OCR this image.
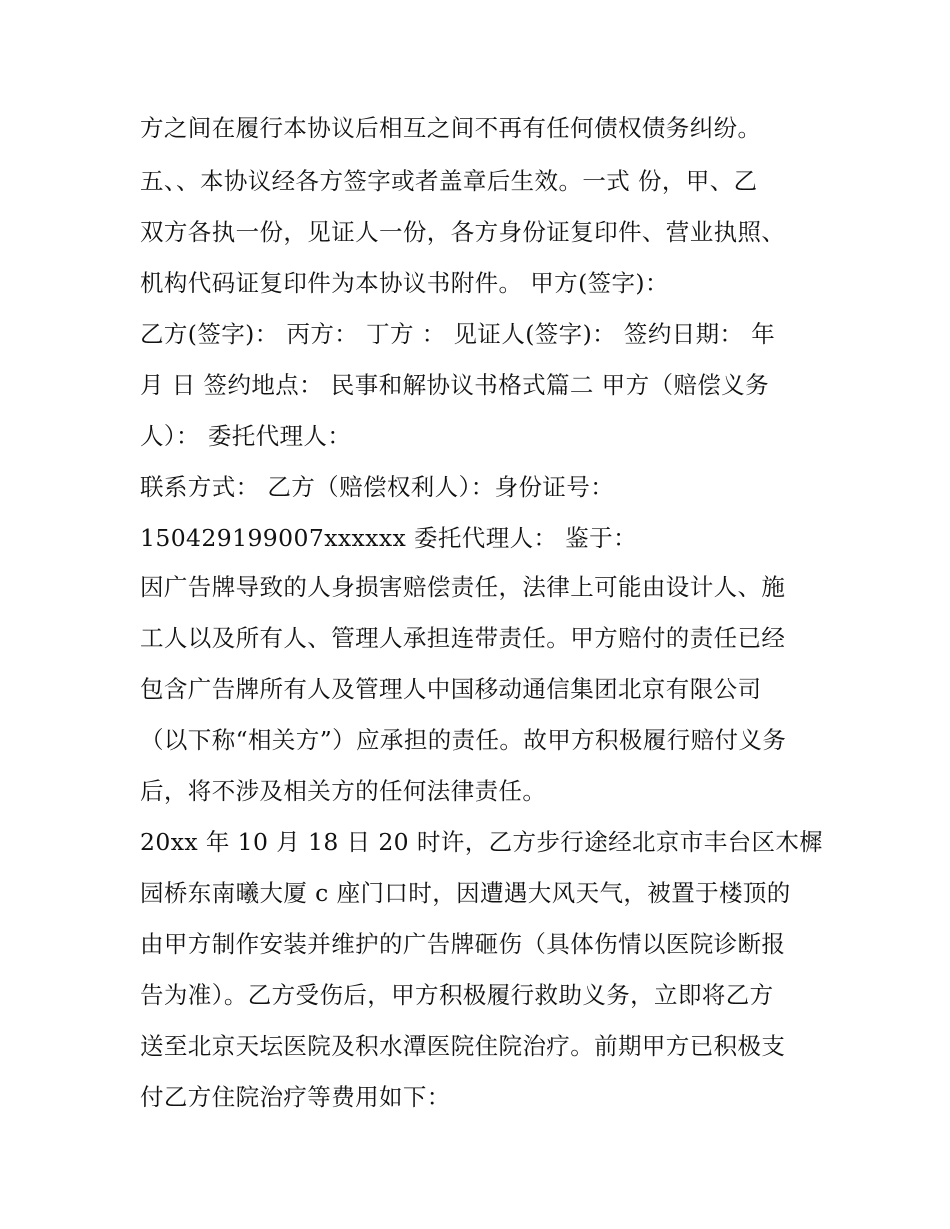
方之间在履行本协议后相互之间不再有任何债权债务纠纷。
五、、本协议经各方签字或者盖章后生效。一式 份，甲、乙
双方各执一份，见证人一份，各方身份证复印件、营业执照、
机构代码证复印件为本协议书附件。 甲方(签字)：
乙方(签字)： 丙方： 丁方 ： 见证人(签字)： 签约日期： 年
月 日 签约地点： 民事和解协议书格式篇二 甲方（赔偿义务
人）： 委托代理人：
联系方式： 乙方（赔偿权利人）：身份证号：
150429199007xxxxxx 委托代理人： 鉴于：
因广告牌导致的人身损害赔偿责任，法律上可能由设计人、施
工人以及所有人、管理人承担连带责任。甲方赔付的责任已经
包含广告牌所有人及管理人中国移动通信集团北京有限公司
（以下称“相关方”）应承担的责任。故甲方积极履行赔付义务
后，将不涉及相关方的任何法律责任。
20xx 年 10 月 18 日 20 时许，乙方步行途经北京市丰台区木樨
园桥东南曦大厦 c 座门口时，因遭遇大风天气，被置于楼顶的
由甲方制作安装并维护的广告牌砸伤（具体伤情以医院诊断报
告为准）。乙方受伤后，甲方积极履行救助义务，立即将乙方
送至北京天坛医院及积水潭医院住院治疗。前期甲方已积极支
付乙方住院治疗等费用如下：
